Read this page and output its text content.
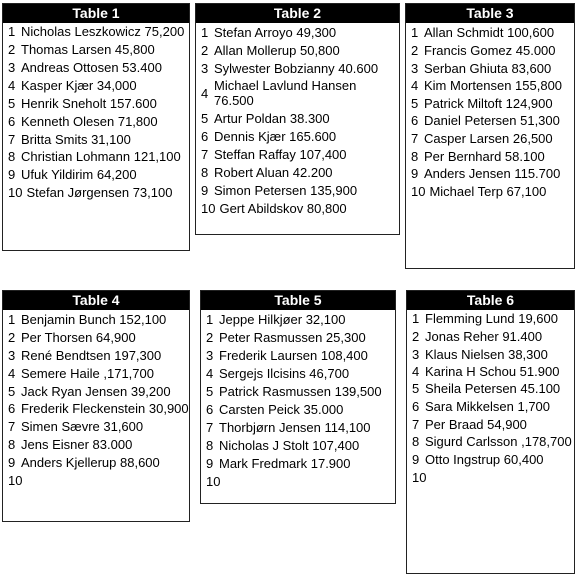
Table 1
1 Nicholas Leszkowicz 75,200
2 Thomas Larsen 45,800
3 Andreas Ottosen 53.400
4 Kasper Kjær 34,000
5 Henrik Sneholt 157.600
6 Kenneth Olesen 71,800
7 Britta Smits 31,100
8 Christian Lohmann 121,100
9 Ufuk Yildirim 64,200
10 Stefan Jørgensen 73,100
Table 2
1 Stefan Arroyo 49,300
2 Allan Mollerup 50,800
3 Sylwester Bobzianny 40.600
4 Michael Lavlund Hansen 76.500
5 Artur Poldan 38.300
6 Dennis Kjær 165.600
7 Steffan Raffay 107,400
8 Robert Aluan 42.200
9 Simon Petersen 135,900
10 Gert Abildskov 80,800
Table 3
1 Allan Schmidt 100,600
2 Francis Gomez 45.000
3 Serban Ghiuta 83,600
4 Kim Mortensen 155,800
5 Patrick Miltoft 124,900
6 Daniel Petersen 51,300
7 Casper Larsen 26,500
8 Per Bernhard 58.100
9 Anders Jensen 115.700
10 Michael Terp 67,100
Table 4
1 Benjamin Bunch 152,100
2 Per Thorsen 64,900
3 René Bendtsen 197,300
4 Semere Haile ,171,700
5 Jack Ryan Jensen 39,200
6 Frederik Fleckenstein 30,900
7 Simen Sævre 31,600
8 Jens Eisner 83.000
9 Anders Kjellerup 88,600
10
Table 5
1 Jeppe Hilkjøer 32,100
2 Peter Rasmussen 25,300
3 Frederik Laursen 108,400
4 Sergejs Ilcisins 46,700
5 Patrick Rasmussen 139,500
6 Carsten Peick 35.000
7 Thorbjørn Jensen 114,100
8 Nicholas J Stolt 107,400
9 Mark Fredmark 17.900
10
Table 6
1 Flemming Lund 19,600
2 Jonas Reher 91.400
3 Klaus Nielsen 38,300
4 Karina H Schou 51.900
5 Sheila Petersen 45.100
6 Sara Mikkelsen 1,700
7 Per Braad 54,900
8 Sigurd Carlsson ,178,700
9 Otto Ingstrup 60,400
10
